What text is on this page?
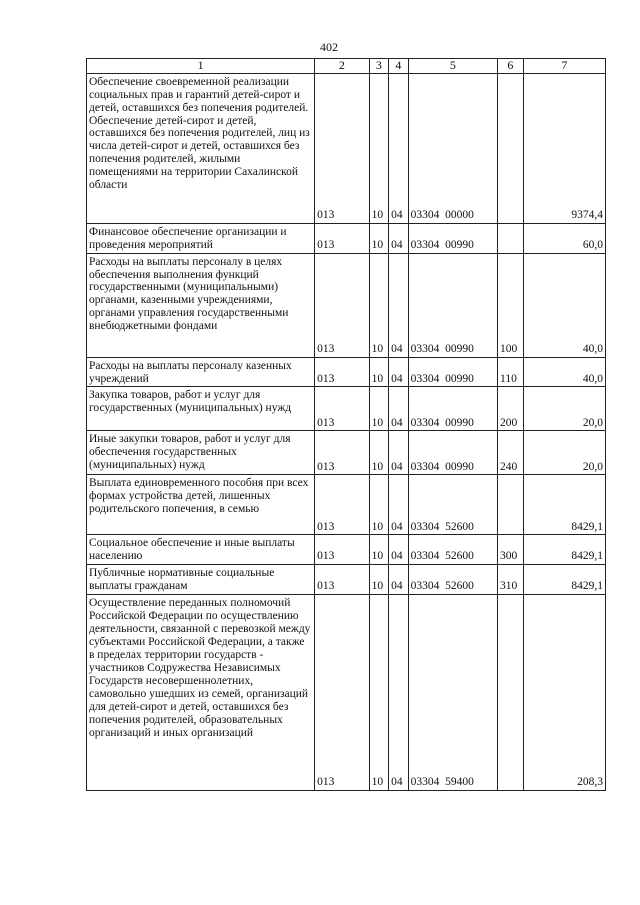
402
1	2	3	4	5	6	7
Обеспечение своевременной реализации социальных прав и гарантий детей-сирот и детей, оставшихся без попечения родителей. Обеспечение детей-сирот и детей, оставшихся без попечения родителей, лиц из числа детей-сирот и детей, оставшихся без попечения родителей, жилыми помещениями на территории Сахалинской области	013	10	04	03304  00000		9374,4
Финансовое обеспечение организации и проведения мероприятий	013	10	04	03304  00990		60,0
Расходы на выплаты персоналу в целях обеспечения выполнения функций государственными (муниципальными) органами, казенными учреждениями, органами управления государственными внебюджетными фондами	013	10	04	03304  00990	100	40,0
Расходы на выплаты персоналу казенных учреждений	013	10	04	03304  00990	110	40,0
Закупка товаров, работ и услуг для государственных (муниципальных) нужд	013	10	04	03304  00990	200	20,0
Иные закупки товаров, работ и услуг для обеспечения государственных (муниципальных) нужд	013	10	04	03304  00990	240	20,0
Выплата единовременного пособия при всех формах устройства детей, лишенных родительского попечения, в семью	013	10	04	03304  52600		8429,1
Социальное обеспечение и иные выплаты населению	013	10	04	03304  52600	300	8429,1
Публичные нормативные социальные выплаты гражданам	013	10	04	03304  52600	310	8429,1
Осуществление переданных полномочий Российской Федерации по осуществлению деятельности, связанной с перевозкой между субъектами Российской Федерации, а также в пределах территории государств - участников Содружества Независимых Государств несовершеннолетних, самовольно ушедших из семей, организаций для детей-сирот и детей, оставшихся без попечения родителей, образовательных организаций и иных организаций	013	10	04	03304  59400		208,3
